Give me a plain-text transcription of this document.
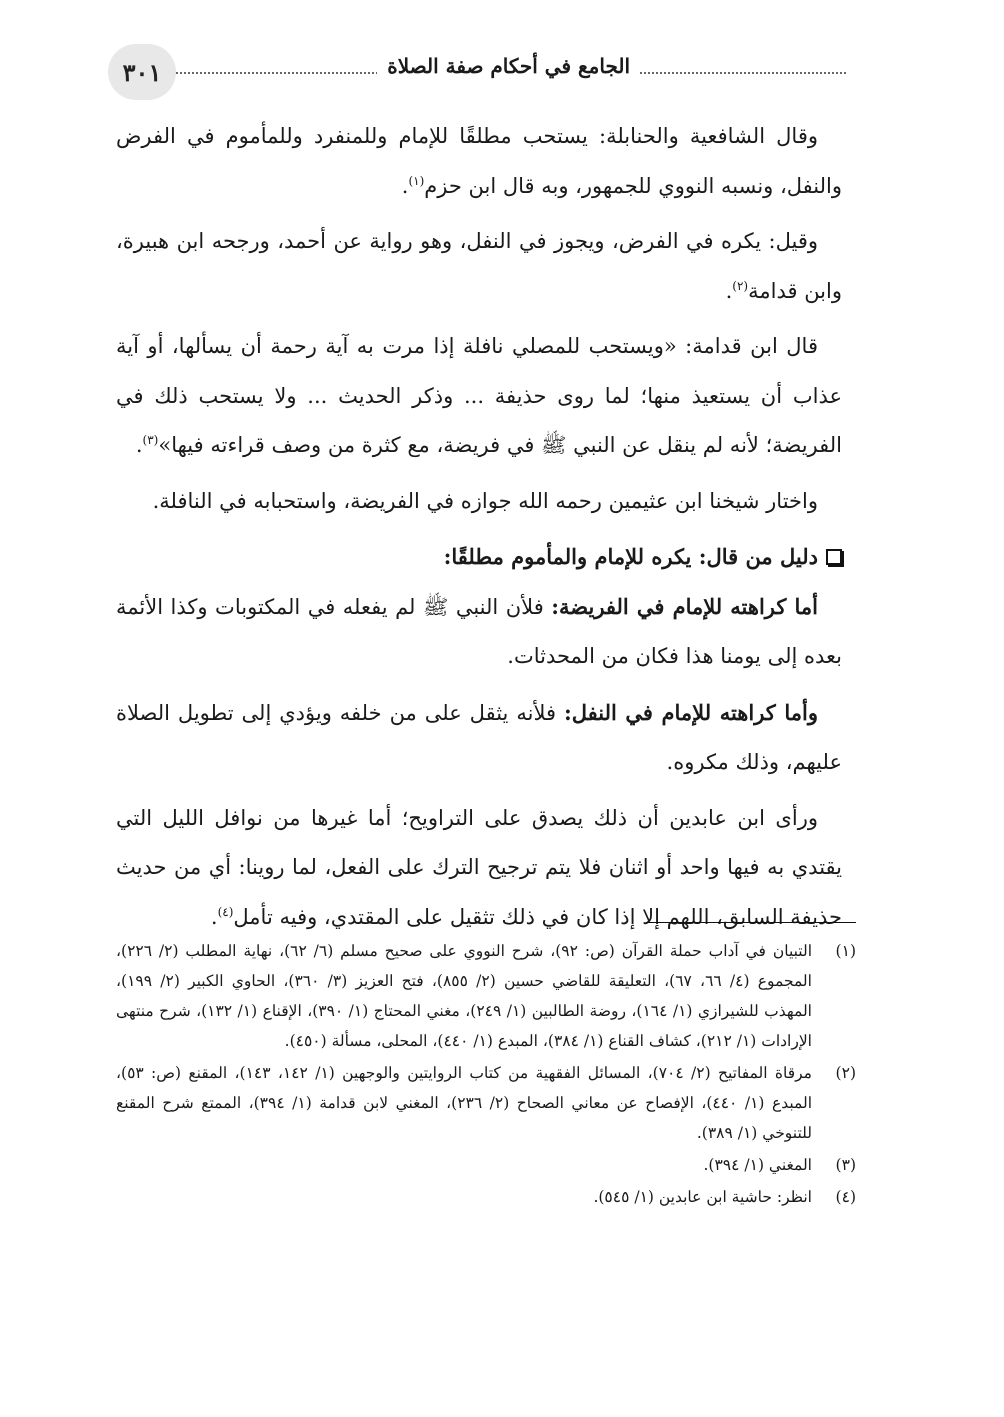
٣٠١	الجامع في أحكام صفة الصلاة

وقال الشافعية والحنابلة: يستحب مطلقًا للإمام وللمنفرد وللمأموم في الفرض والنفل، ونسبه النووي للجمهور، وبه قال ابن حزم$^{(١)}$.

وقيل: يكره في الفرض، ويجوز في النفل، وهو رواية عن أحمد، ورجحه ابن هبيرة، وابن قدامة$^{(٢)}$.

قال ابن قدامة: «ويستحب للمصلي نافلة إذا مرت به آية رحمة أن يسألها، أو آية عذاب أن يستعيذ منها؛ لما روى حذيفة ... وذكر الحديث ... ولا يستحب ذلك في الفريضة؛ لأنه لم ينقل عن النبي ﷺ في فريضة، مع كثرة من وصف قراءته فيها»$^{(٣)}$.

واختار شيخنا ابن عثيمين رحمه الله جوازه في الفريضة، واستحبابه في النافلة.

دليل من قال: يكره للإمام والمأموم مطلقًا:

أما كراهته للإمام في الفريضة: فلأن النبي ﷺ لم يفعله في المكتوبات وكذا الأئمة بعده إلى يومنا هذا فكان من المحدثات.

وأما كراهته للإمام في النفل: فلأنه يثقل على من خلفه ويؤدي إلى تطويل الصلاة عليهم، وذلك مكروه.

ورأى ابن عابدين أن ذلك يصدق على التراويح؛ أما غيرها من نوافل الليل التي يقتدي به فيها واحد أو اثنان فلا يتم ترجيح الترك على الفعل، لما روينا: أي من حديث حذيفة السابق، اللهم إلا إذا كان في ذلك تثقيل على المقتدي، وفيه تأمل$^{(٤)}$.

(١)
التبيان في آداب حملة القرآن (ص: ٩٢)، شرح النووي على صحيح مسلم (٦/ ٦٢)، نهاية المطلب (٢/ ٢٢٦)، المجموع (٤/ ٦٦، ٦٧)، التعليقة للقاضي حسين (٢/ ٨٥٥)، فتح العزيز (٣/ ٣٦٠)، الحاوي الكبير (٢/ ١٩٩)، المهذب للشيرازي (١/ ١٦٤)، روضة الطالبين (١/ ٢٤٩)، مغني المحتاج (١/ ٣٩٠)، الإقناع (١/ ١٣٢)، شرح منتهى الإرادات (١/ ٢١٢)، كشاف القناع (١/ ٣٨٤)، المبدع (١/ ٤٤٠)، المحلى، مسألة (٤٥٠).
(٢)
مرقاة المفاتيح (٢/ ٧٠٤)، المسائل الفقهية من كتاب الروايتين والوجهين (١/ ١٤٢، ١٤٣)، المقنع (ص: ٥٣)، المبدع (١/ ٤٤٠)، الإفصاح عن معاني الصحاح (٢/ ٢٣٦)، المغني لابن قدامة (١/ ٣٩٤)، الممتع شرح المقنع للتنوخي (١/ ٣٨٩).
(٣)
المغني (١/ ٣٩٤).
(٤)
انظر: حاشية ابن عابدين (١/ ٥٤٥).
